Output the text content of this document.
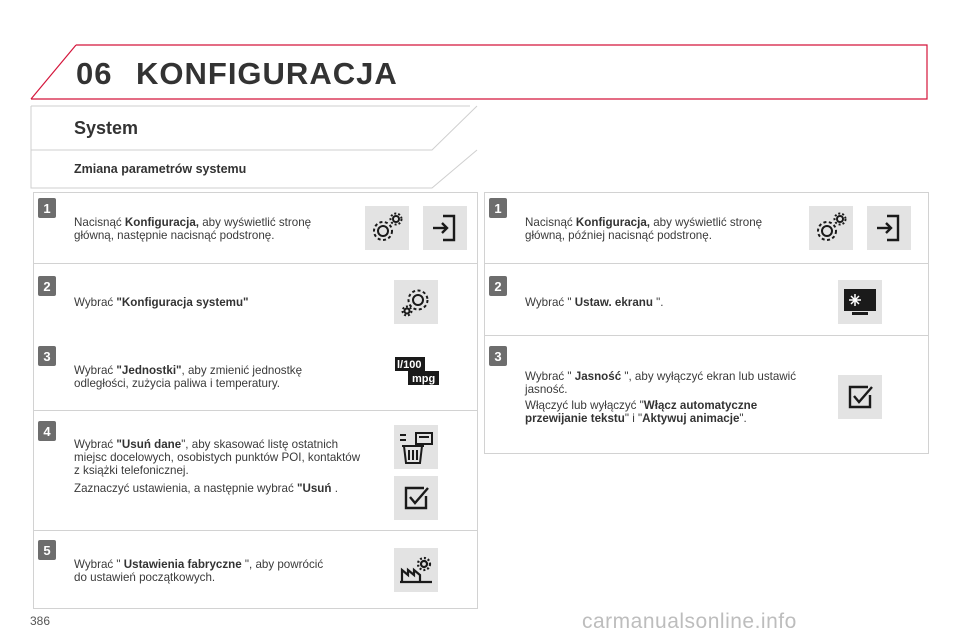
06 KONFIGURACJA
System
Zmiana parametrów systemu
1
Nacisnąć Konfiguracja, aby wyświetlić stronę główną, następnie nacisnąć podstronę.
2
Wybrać "Konfiguracja systemu"
3
Wybrać "Jednostki", aby zmienić jednostkę odległości, zużycia paliwa i temperatury.
l/100
mpg
4
Wybrać "Usuń dane", aby skasować listę ostatnich miejsc docelowych, osobistych punktów POI, kontaktów z książki telefonicznej.
Zaznaczyć ustawienia, a następnie wybrać "Usuń .
5
Wybrać " Ustawienia fabryczne ", aby powrócić do ustawień początkowych.
1
Nacisnąć Konfiguracja, aby wyświetlić stronę główną, później nacisnąć podstronę.
2
Wybrać " Ustaw. ekranu ".
3
Wybrać " Jasność ", aby wyłączyć ekran lub ustawić jasność.
Włączyć lub wyłączyć "Włącz automatyczne przewijanie tekstu" i "Aktywuj animacje".
386	carmanualsonline.info
